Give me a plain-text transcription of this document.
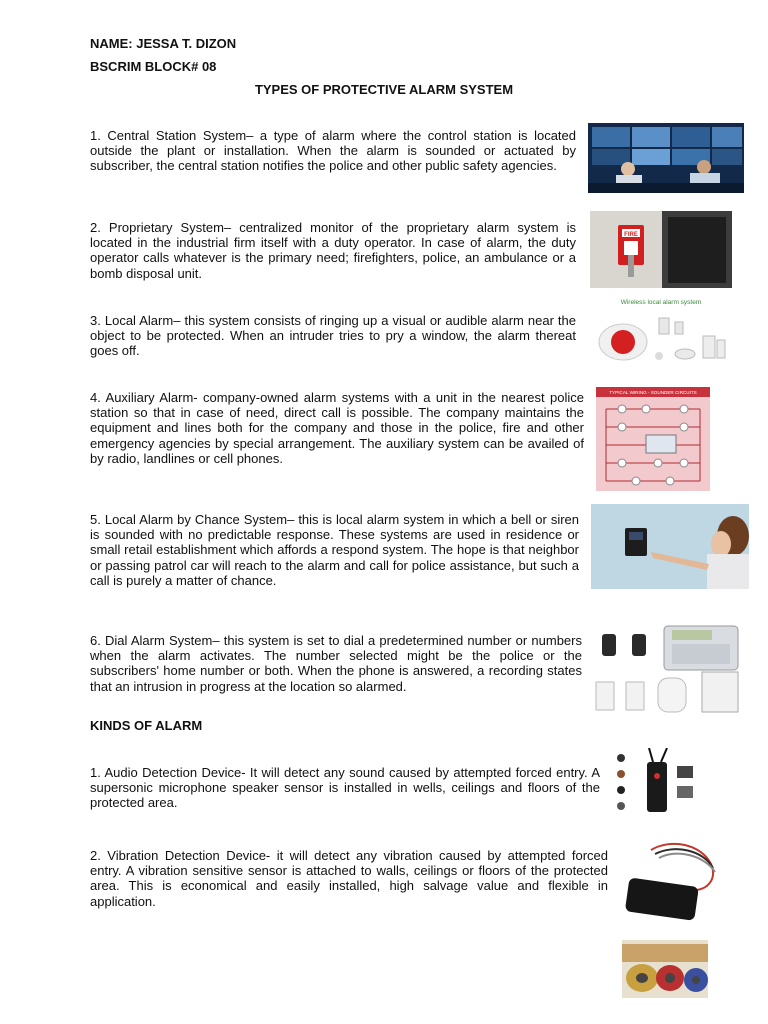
NAME: JESSA T. DIZON
BSCRIM BLOCK# 08
TYPES OF PROTECTIVE ALARM SYSTEM
1. Central Station System– a type of alarm where the control station is located outside the plant or installation. When the alarm is sounded or actuated by subscriber, the central station notifies the police and other public safety agencies.
2. Proprietary System– centralized monitor of the proprietary alarm system is located in the industrial firm itself with a duty operator. In case of alarm, the duty operator calls whatever is the primary need; firefighters, police, an ambulance or a bomb disposal unit.
FIRE
3. Local Alarm– this system consists of ringing up a visual or audible alarm near the object to be protected. When an intruder tries to pry a window, the alarm thereat goes off.
Wireless local alarm system
4. Auxiliary Alarm- company-owned alarm systems with a unit in the nearest police station so that in case of need, direct call is possible. The company maintains the equipment and lines both for the company and those in the police, fire and other emergency agencies by special arrangement. The auxiliary system can be availed of by radio, landlines or cell phones.
TYPICAL WIRING - SOUNDER CIRCUITS
5. Local Alarm by Chance System– this is local alarm system in which a bell or siren is sounded with no predictable response. These systems are used in residence or small retail establishment which affords a respond system. The hope is that neighbor or passing patrol car will reach to the alarm and call for police assistance, but such a call is purely a matter of chance.
6. Dial Alarm System– this system is set to dial a predetermined number or numbers when the alarm activates. The number selected might be the police or the subscribers' home number or both. When the phone is answered, a recording states that an intrusion in progress at the location so alarmed.
KINDS OF ALARM
1. Audio Detection Device- It will detect any sound caused by attempted forced entry. A supersonic microphone speaker sensor is installed in wells, ceilings and floors of the protected area.
2. Vibration Detection Device- it will detect any vibration caused by attempted forced entry. A vibration sensitive sensor is attached to walls, ceilings or floors of the protected area. This is economical and easily installed, high salvage value and flexible in application.
